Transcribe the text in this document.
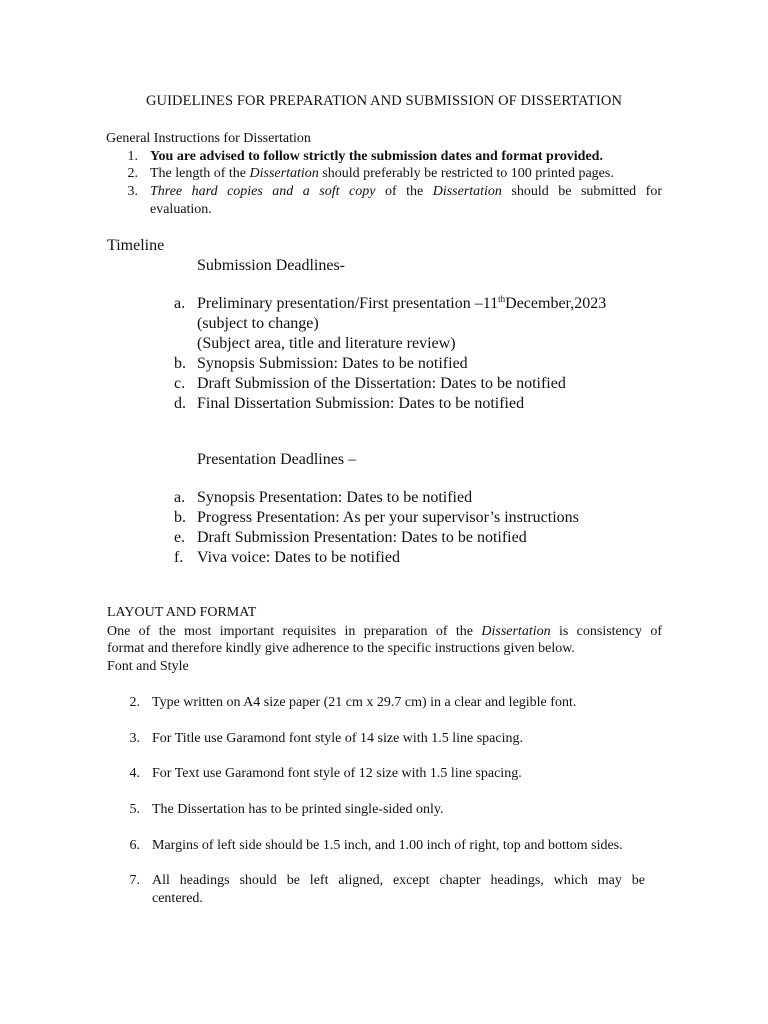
GUIDELINES FOR PREPARATION AND SUBMISSION OF DISSERTATION
General Instructions for Dissertation
1. You are advised to follow strictly the submission dates and format provided.
2. The length of the Dissertation should preferably be restricted to 100 printed pages.
3. Three hard copies and a soft copy of the Dissertation should be submitted for
evaluation.
Timeline
Submission Deadlines-
a. Preliminary presentation/First presentation –11thDecember,2023
(subject to change)
(Subject area, title and literature review)
b. Synopsis Submission: Dates to be notified
c. Draft Submission of the Dissertation: Dates to be notified
d. Final Dissertation Submission: Dates to be notified
Presentation Deadlines –
a. Synopsis Presentation: Dates to be notified
b. Progress Presentation: As per your supervisor’s instructions
e. Draft Submission Presentation: Dates to be notified
f. Viva voice: Dates to be notified
LAYOUT AND FORMAT
One of the most important requisites in preparation of the Dissertation is consistency of
format and therefore kindly give adherence to the specific instructions given below.
Font and Style
2. Type written on A4 size paper (21 cm x 29.7 cm) in a clear and legible font.
3. For Title use Garamond font style of 14 size with 1.5 line spacing.
4. For Text use Garamond font style of 12 size with 1.5 line spacing.
5. The Dissertation has to be printed single-sided only.
6. Margins of left side should be 1.5 inch, and 1.00 inch of right, top and bottom sides.
7. All headings should be left aligned, except chapter headings, which may be
centered.
